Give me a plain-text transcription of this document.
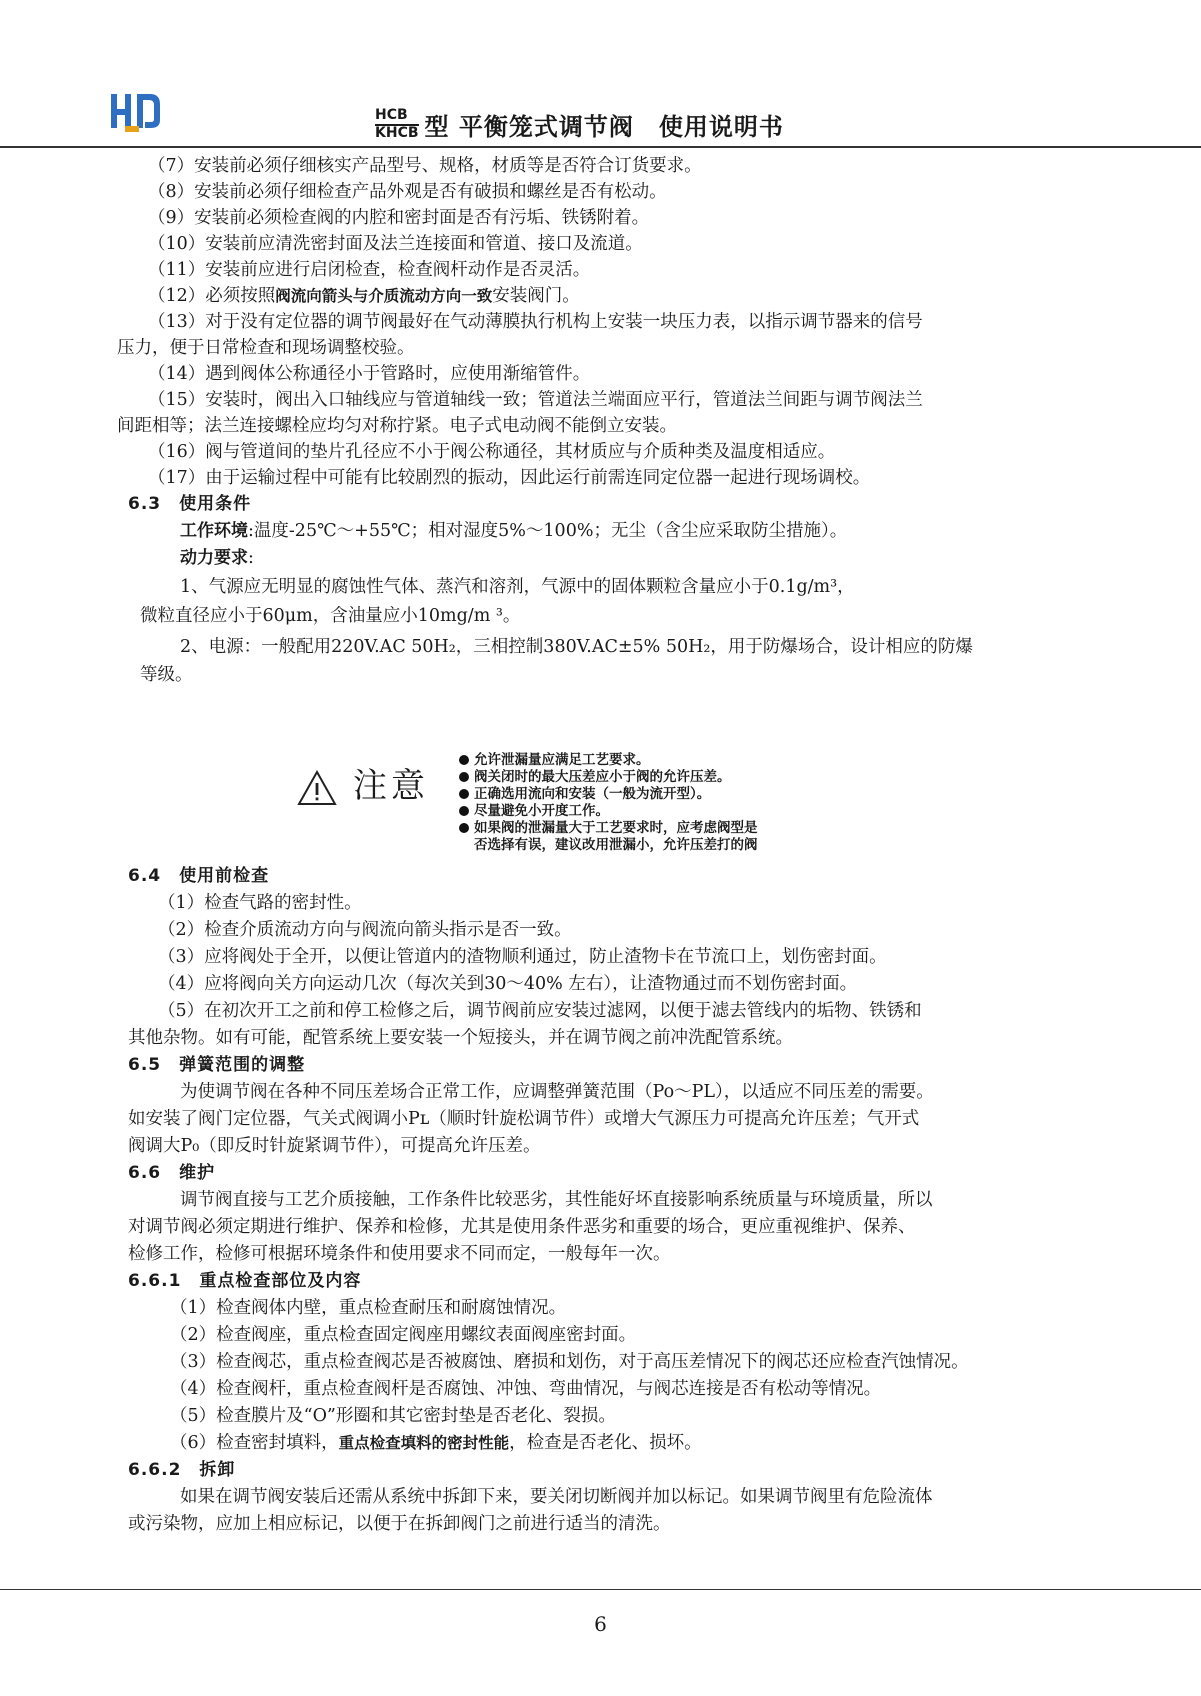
HCB
KHCB 型 平衡笼式调节阀　使用说明书
（7）安装前必须仔细核实产品型号、规格，材质等是否符合订货要求。
（8）安装前必须仔细检查产品外观是否有破损和螺丝是否有松动。
（9）安装前必须检查阀的内腔和密封面是否有污垢、铁锈附着。
（10）安装前应清洗密封面及法兰连接面和管道、接口及流道。
（11）安装前应进行启闭检查，检查阀杆动作是否灵活。
（12）必须按照阀流向箭头与介质流动方向一致安装阀门。
（13）对于没有定位器的调节阀最好在气动薄膜执行机构上安装一块压力表，以指示调节器来的信号
压力，便于日常检查和现场调整校验。
（14）遇到阀体公称通径小于管路时，应使用渐缩管件。
（15）安装时，阀出入口轴线应与管道轴线一致；管道法兰端面应平行，管道法兰间距与调节阀法兰
间距相等；法兰连接螺栓应均匀对称拧紧。电子式电动阀不能倒立安装。
（16）阀与管道间的垫片孔径应不小于阀公称通径，其材质应与介质种类及温度相适应。
（17）由于运输过程中可能有比较剧烈的振动，因此运行前需连同定位器一起进行现场调校。
6.3　使用条件
工作环境:温度-25℃～+55℃；相对湿度5%～100%；无尘（含尘应采取防尘措施）。
动力要求:
1、气源应无明显的腐蚀性气体、蒸汽和溶剂，气源中的固体颗粒含量应小于0.1g/m³，
微粒直径应小于60μm，含油量应小10mg/m ³。
2、电源：一般配用220V.AC 50H₂，三相控制380V.AC±5% 50H₂，用于防爆场合，设计相应的防爆
等级。
注意
允许泄漏量应满足工艺要求。
阀关闭时的最大压差应小于阀的允许压差。
正确选用流向和安装（一般为流开型）。
尽量避免小开度工作。
如果阀的泄漏量大于工艺要求时，应考虑阀型是
否选择有误，建议改用泄漏小，允许压差打的阀
6.4　使用前检查
（1）检查气路的密封性。
（2）检查介质流动方向与阀流向箭头指示是否一致。
（3）应将阀处于全开，以便让管道内的渣物顺利通过，防止渣物卡在节流口上，划伤密封面。
（4）应将阀向关方向运动几次（每次关到30～40% 左右），让渣物通过而不划伤密封面。
（5）在初次开工之前和停工检修之后，调节阀前应安装过滤网，以便于滤去管线内的垢物、铁锈和
其他杂物。如有可能，配管系统上要安装一个短接头，并在调节阀之前冲洗配管系统。
6.5　弹簧范围的调整
为使调节阀在各种不同压差场合正常工作，应调整弹簧范围（Po～PL），以适应不同压差的需要。
如安装了阀门定位器，气关式阀调小Pʟ（顺时针旋松调节件）或增大气源压力可提高允许压差；气开式
阀调大P₀（即反时针旋紧调节件），可提高允许压差。
6.6　维护
调节阀直接与工艺介质接触，工作条件比较恶劣，其性能好坏直接影响系统质量与环境质量，所以
对调节阀必须定期进行维护、保养和检修，尤其是使用条件恶劣和重要的场合，更应重视维护、保养、
检修工作，检修可根据环境条件和使用要求不同而定，一般每年一次。
6.6.1　重点检查部位及内容
（1）检查阀体内壁，重点检查耐压和耐腐蚀情况。
（2）检查阀座，重点检查固定阀座用螺纹表面阀座密封面。
（3）检查阀芯，重点检查阀芯是否被腐蚀、磨损和划伤，对于高压差情况下的阀芯还应检查汽蚀情况。
（4）检查阀杆，重点检查阀杆是否腐蚀、冲蚀、弯曲情况，与阀芯连接是否有松动等情况。
（5）检查膜片及“O”形圈和其它密封垫是否老化、裂损。
（6）检查密封填料，重点检查填料的密封性能，检查是否老化、损坏。
6.6.2　拆卸
如果在调节阀安装后还需从系统中拆卸下来，要关闭切断阀并加以标记。如果调节阀里有危险流体
或污染物，应加上相应标记，以便于在拆卸阀门之前进行适当的清洗。
6
